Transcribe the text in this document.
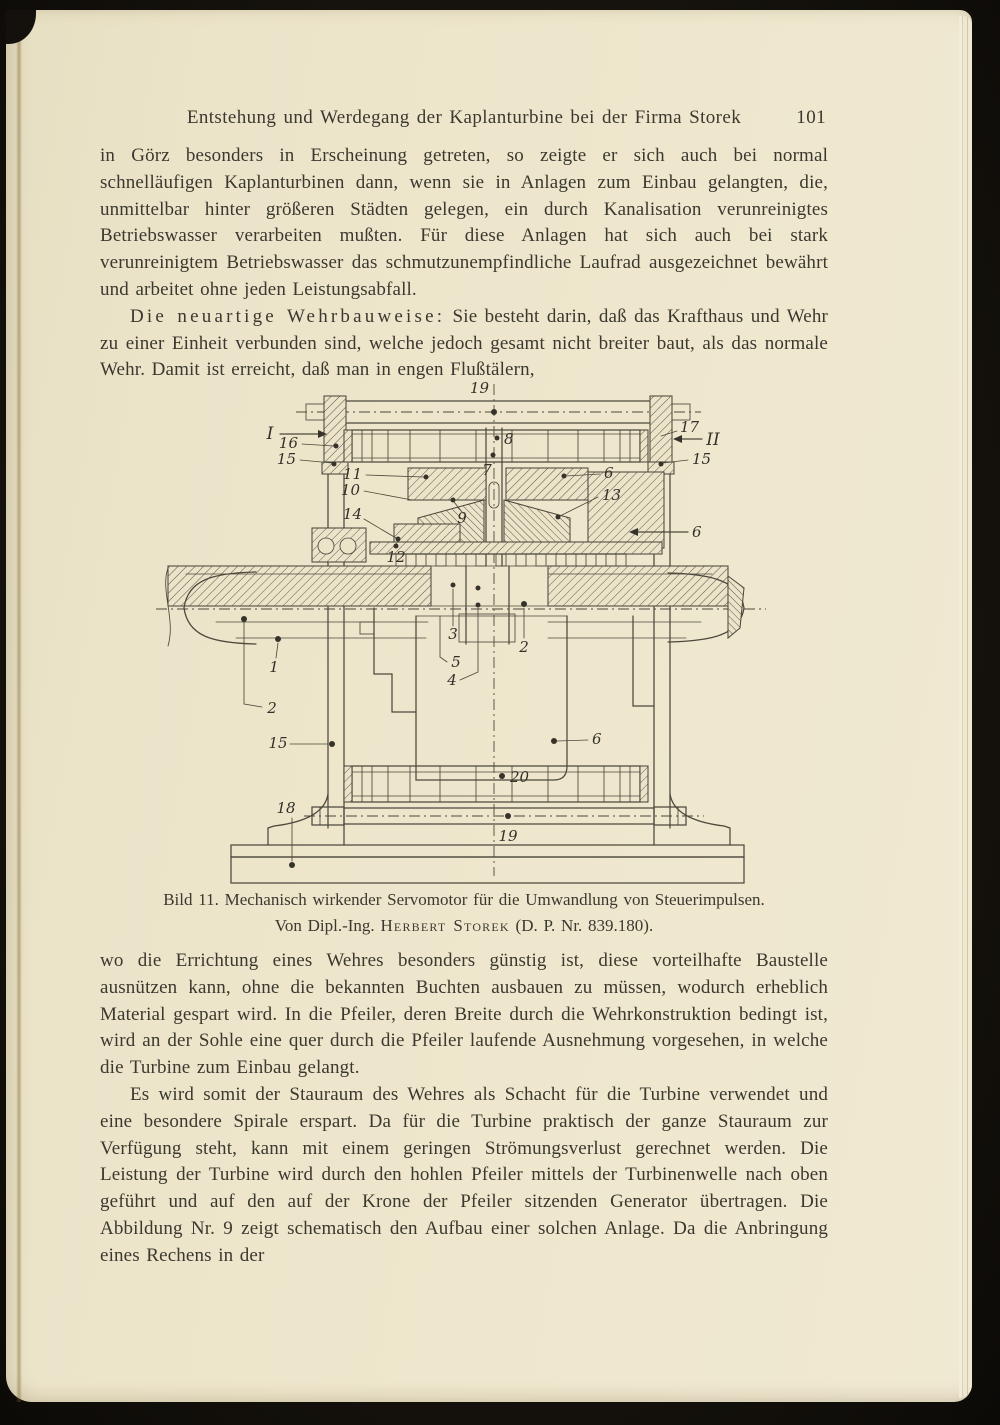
Entstehung und Werdegang der Kaplanturbine bei der Firma Storek	101

in Görz besonders in Erscheinung getreten, so zeigte er sich auch bei normal schnelläufigen Kaplanturbinen dann, wenn sie in Anlagen zum Einbau gelangten, die, unmittelbar hinter größeren Städten gelegen, ein durch Kanalisation verunreinigtes Betriebswasser verarbeiten mußten. Für diese Anlagen hat sich auch bei stark verunreinigtem Betriebswasser das schmutzunempfindliche Laufrad ausgezeichnet bewährt und arbeitet ohne jeden Leistungsabfall.

Die neuartige Wehrbauweise: Sie besteht darin, daß das Krafthaus und Wehr zu einer Einheit verbunden sind, welche jedoch gesamt nicht breiter baut, als das normale Wehr. Damit ist erreicht, daß man in engen Flußtälern,

19
I	II
17
16
15	15
8
7
11
10
14
6
13
9
6
12
3
5
4
2
1
2
15	6
20
18
19
Bild 11. Mechanisch wirkender Servomotor für die Umwandlung von Steuerimpulsen.
Von Dipl.-Ing. Herbert Storek (D. P. Nr. 839.180).

wo die Errichtung eines Wehres besonders günstig ist, diese vorteilhafte Baustelle ausnützen kann, ohne die bekannten Buchten ausbauen zu müssen, wodurch erheblich Material gespart wird. In die Pfeiler, deren Breite durch die Wehrkonstruktion bedingt ist, wird an der Sohle eine quer durch die Pfeiler laufende Ausnehmung vorgesehen, in welche die Turbine zum Einbau gelangt.

Es wird somit der Stauraum des Wehres als Schacht für die Turbine verwendet und eine besondere Spirale erspart. Da für die Turbine praktisch der ganze Stauraum zur Verfügung steht, kann mit einem geringen Strömungsverlust gerechnet werden. Die Leistung der Turbine wird durch den hohlen Pfeiler mittels der Turbinenwelle nach oben geführt und auf den auf der Krone der Pfeiler sitzenden Generator übertragen. Die Abbildung Nr. 9 zeigt schematisch den Aufbau einer solchen Anlage. Da die Anbringung eines Rechens in der
